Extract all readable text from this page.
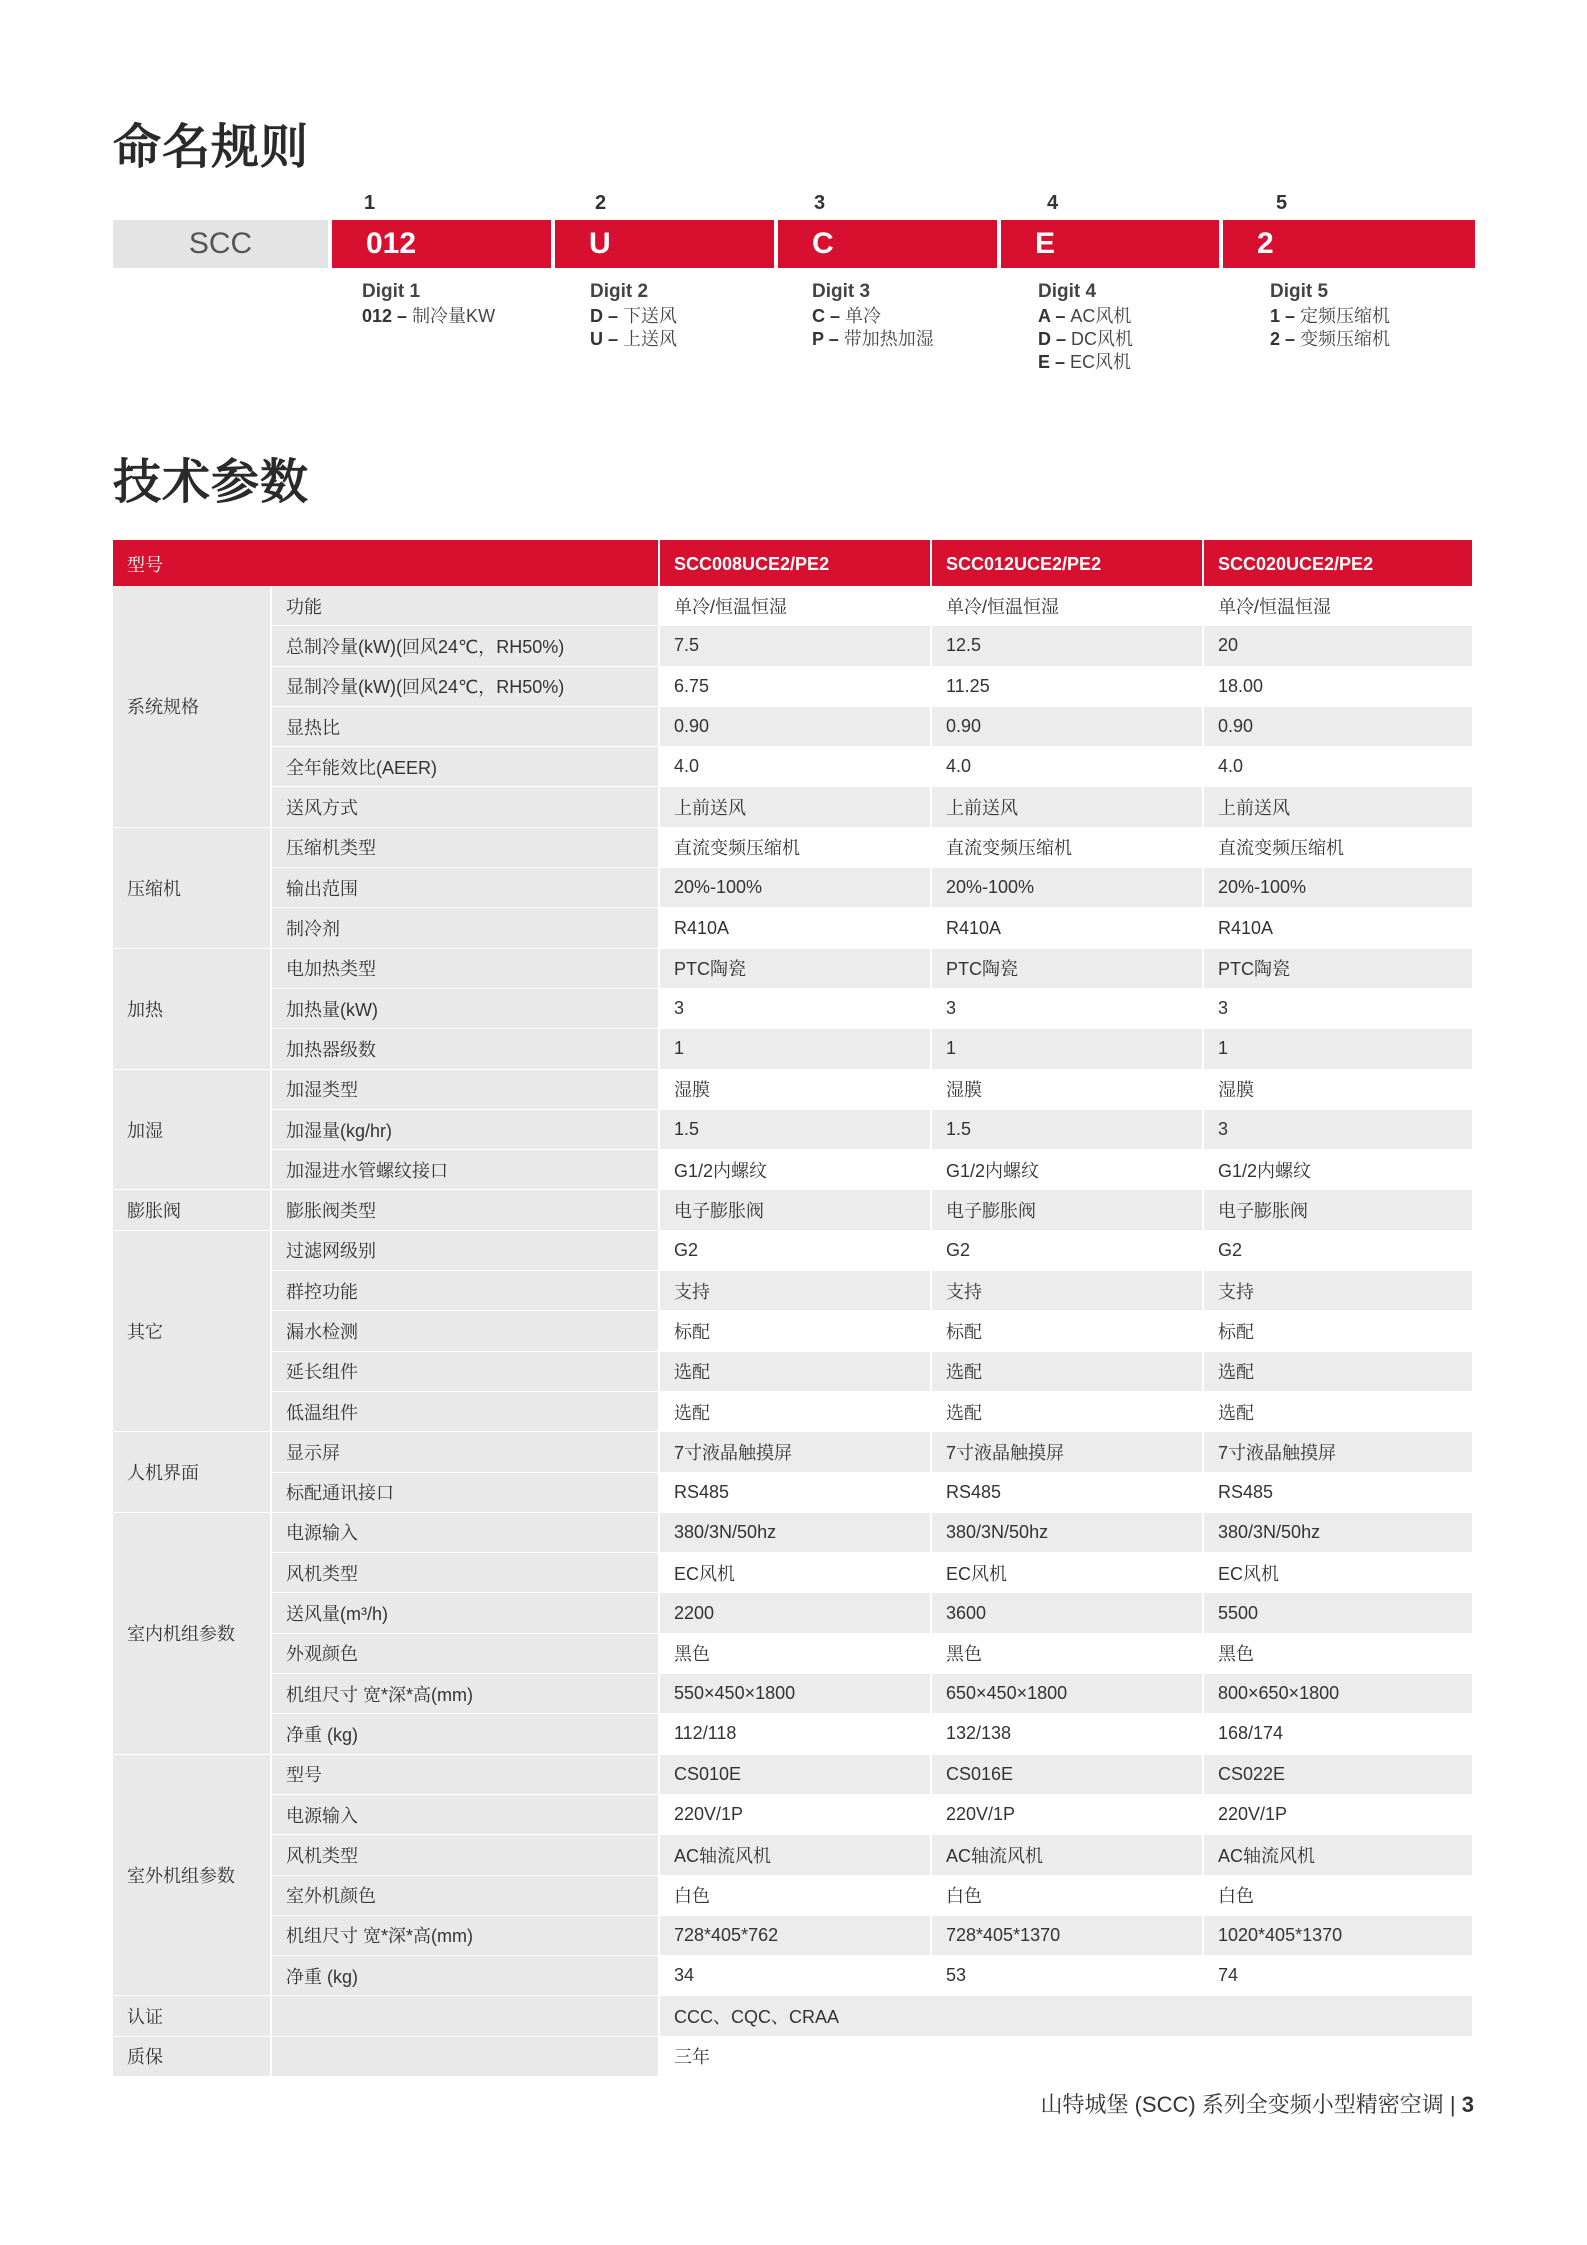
命名规则
1	2	3	4	5
SCC	012	U	C	E	2
Digit 1
012 – 制冷量KW
Digit 2
D – 下送风
U – 上送风
Digit 3
C – 单冷
P – 带加热加湿
Digit 4
A – AC风机
D – DC风机
E – EC风机
Digit 5
1 – 定频压缩机
2 – 变频压缩机
技术参数
型号		SCC008UCE2/PE2	SCC012UCE2/PE2	SCC020UCE2/PE2
系统规格	功能	单冷/恒温恒湿	单冷/恒温恒湿	单冷/恒温恒湿
	总制冷量(kW)(回风24℃，RH50%)	7.5	12.5	20
	显制冷量(kW)(回风24℃，RH50%)	6.75	11.25	18.00
	显热比	0.90	0.90	0.90
	全年能效比(AEER)	4.0	4.0	4.0
	送风方式	上前送风	上前送风	上前送风
压缩机	压缩机类型	直流变频压缩机	直流变频压缩机	直流变频压缩机
	输出范围	20%-100%	20%-100%	20%-100%
	制冷剂	R410A	R410A	R410A
加热	电加热类型	PTC陶瓷	PTC陶瓷	PTC陶瓷
	加热量(kW)	3	3	3
	加热器级数	1	1	1
加湿	加湿类型	湿膜	湿膜	湿膜
	加湿量(kg/hr)	1.5	1.5	3
	加湿进水管螺纹接口	G1/2内螺纹	G1/2内螺纹	G1/2内螺纹
膨胀阀	膨胀阀类型	电子膨胀阀	电子膨胀阀	电子膨胀阀
其它	过滤网级别	G2	G2	G2
	群控功能	支持	支持	支持
	漏水检测	标配	标配	标配
	延长组件	选配	选配	选配
	低温组件	选配	选配	选配
人机界面	显示屏	7寸液晶触摸屏	7寸液晶触摸屏	7寸液晶触摸屏
	标配通讯接口	RS485	RS485	RS485
室内机组参数	电源输入	380/3N/50hz	380/3N/50hz	380/3N/50hz
	风机类型	EC风机	EC风机	EC风机
	送风量(m³/h)	2200	3600	5500
	外观颜色	黑色	黑色	黑色
	机组尺寸 宽*深*高(mm)	550×450×1800	650×450×1800	800×650×1800
	净重 (kg)	112/118	132/138	168/174
室外机组参数	型号	CS010E	CS016E	CS022E
	电源输入	220V/1P	220V/1P	220V/1P
	风机类型	AC轴流风机	AC轴流风机	AC轴流风机
	室外机颜色	白色	白色	白色
	机组尺寸 宽*深*高(mm)	728*405*762	728*405*1370	1020*405*1370
	净重 (kg)	34	53	74
认证		CCC、CQC、CRAA		
质保		三年		
山特城堡 (SCC) 系列全变频小型精密空调 | 3
